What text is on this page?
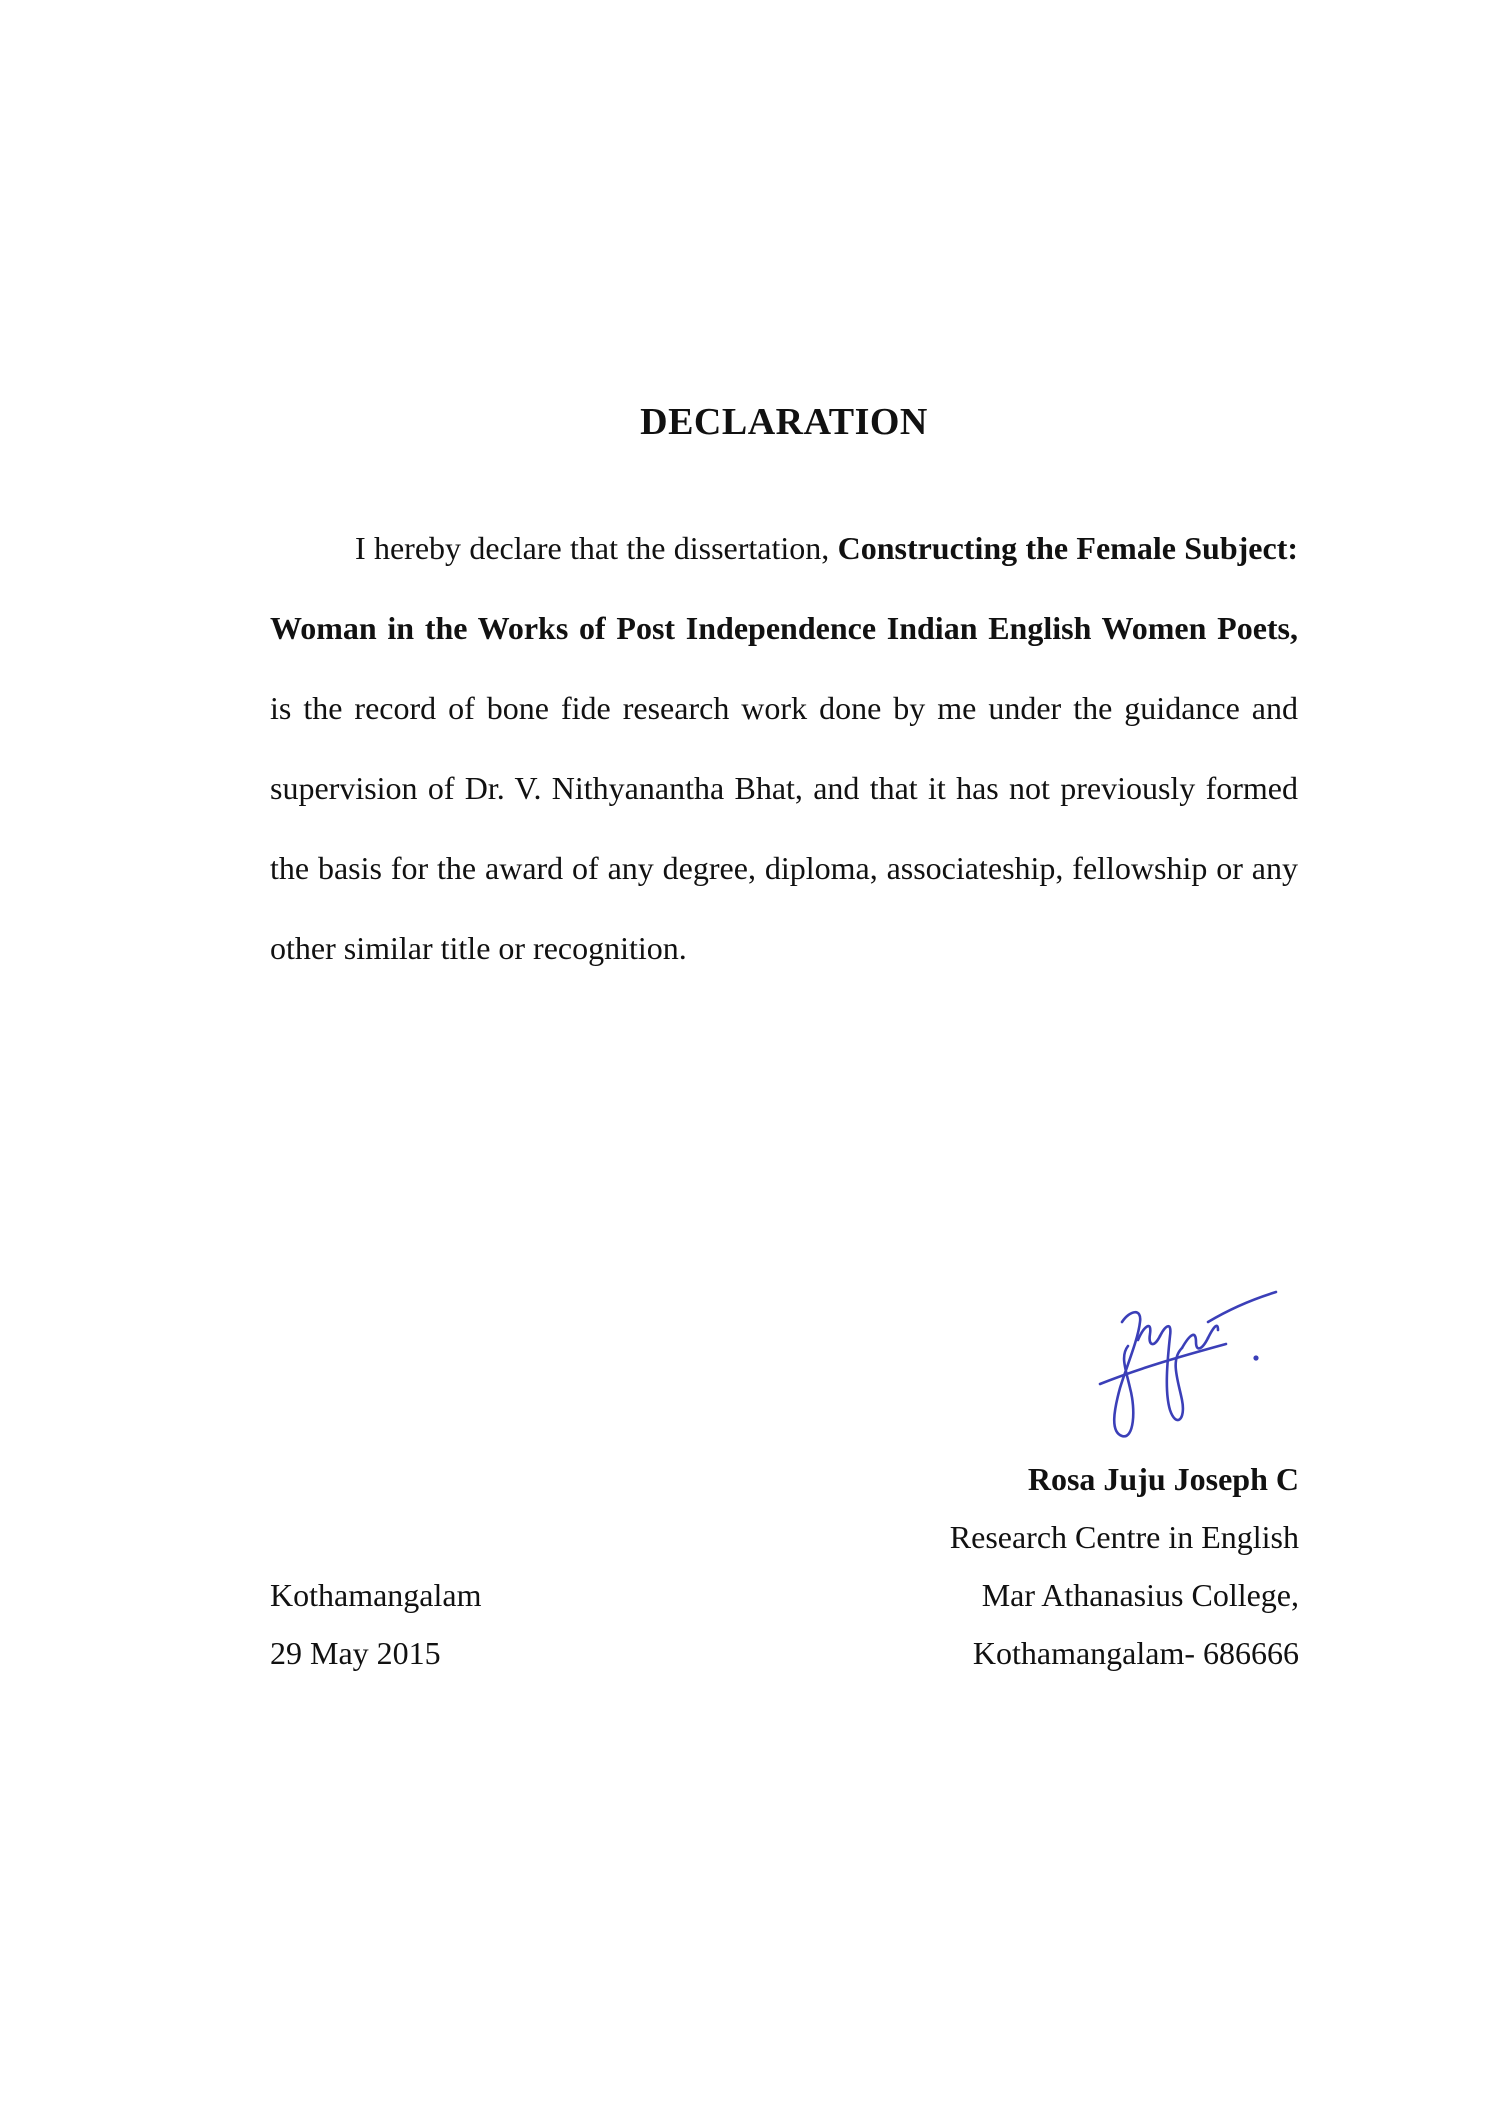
DECLARATION

I hereby declare that the dissertation, Constructing the Female Subject: Woman in the Works of Post Independence Indian English Women Poets, is the record of bone fide research work done by me under the guidance and supervision of Dr. V. Nithyanantha Bhat, and that it has not previously formed the basis for the award of any degree, diploma, associateship, fellowship or any other similar title or recognition.

Rosa Juju Joseph C
Research Centre in English
Mar Athanasius College,
Kothamangalam- 686666
Kothamangalam
29 May 2015
